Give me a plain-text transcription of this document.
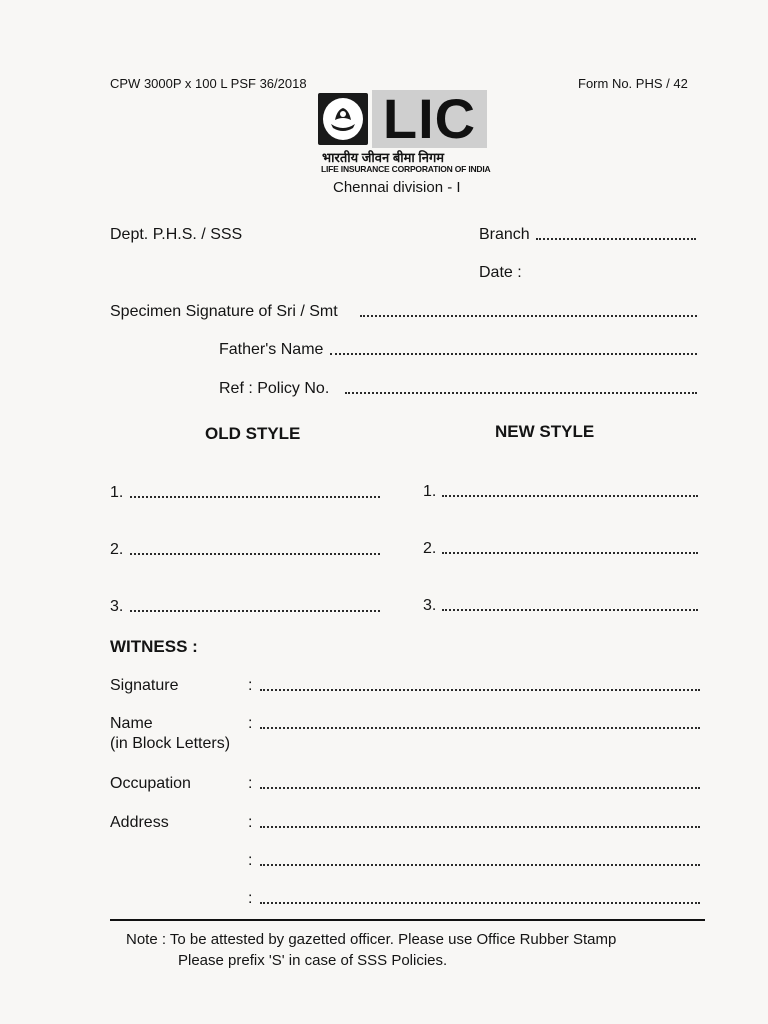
CPW 3000P x 100 L PSF 36/2018	Form No. PHS / 42
LIC
भारतीय जीवन बीमा निगम
LIFE INSURANCE CORPORATION OF INDIA
Chennai division - I
Dept. P.H.S. / SSS	Branch
Date :
Specimen Signature of Sri / Smt
Father's Name
Ref : Policy No.
OLD STYLE	NEW STYLE
1.	1.
2.	2.
3.	3.
WITNESS :
Signature	:
Name
(in Block Letters)
:
Occupation	:
Address	:
:
:
Note : To be attested by gazetted officer. Please use Office Rubber Stamp
Please prefix 'S' in case of SSS Policies.
